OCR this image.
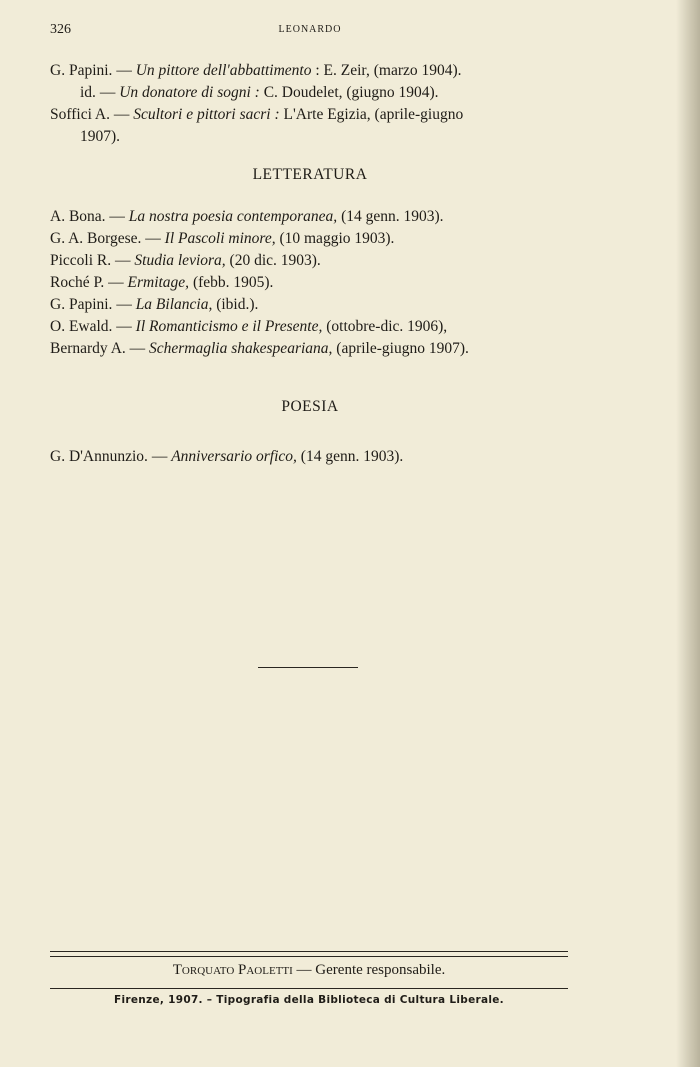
326	LEONARDO
G. Papini. — Un pittore dell'abbattimento : E. Zeir, (marzo 1904).
id. — Un donatore di sogni : C. Doudelet, (giugno 1904).
Soffici A. — Scultori e pittori sacri : L'Arte Egizia, (aprile-giugno
1907).
LETTERATURA
A. Bona. — La nostra poesia contemporanea, (14 genn. 1903).
G. A. Borgese. — Il Pascoli minore, (10 maggio 1903).
Piccoli R. — Studia leviora, (20 dic. 1903).
Roché P. — Ermitage, (febb. 1905).
G. Papini. — La Bilancia, (ibid.).
O. Ewald. — Il Romanticismo e il Presente, (ottobre-dic. 1906),
Bernardy A. — Schermaglia shakespeariana, (aprile-giugno 1907).
POESIA
G. D'Annunzio. — Anniversario orfico, (14 genn. 1903).
Torquato Paoletti — Gerente responsabile.
Firenze, 1907. – Tipografia della Biblioteca di Cultura Liberale.
